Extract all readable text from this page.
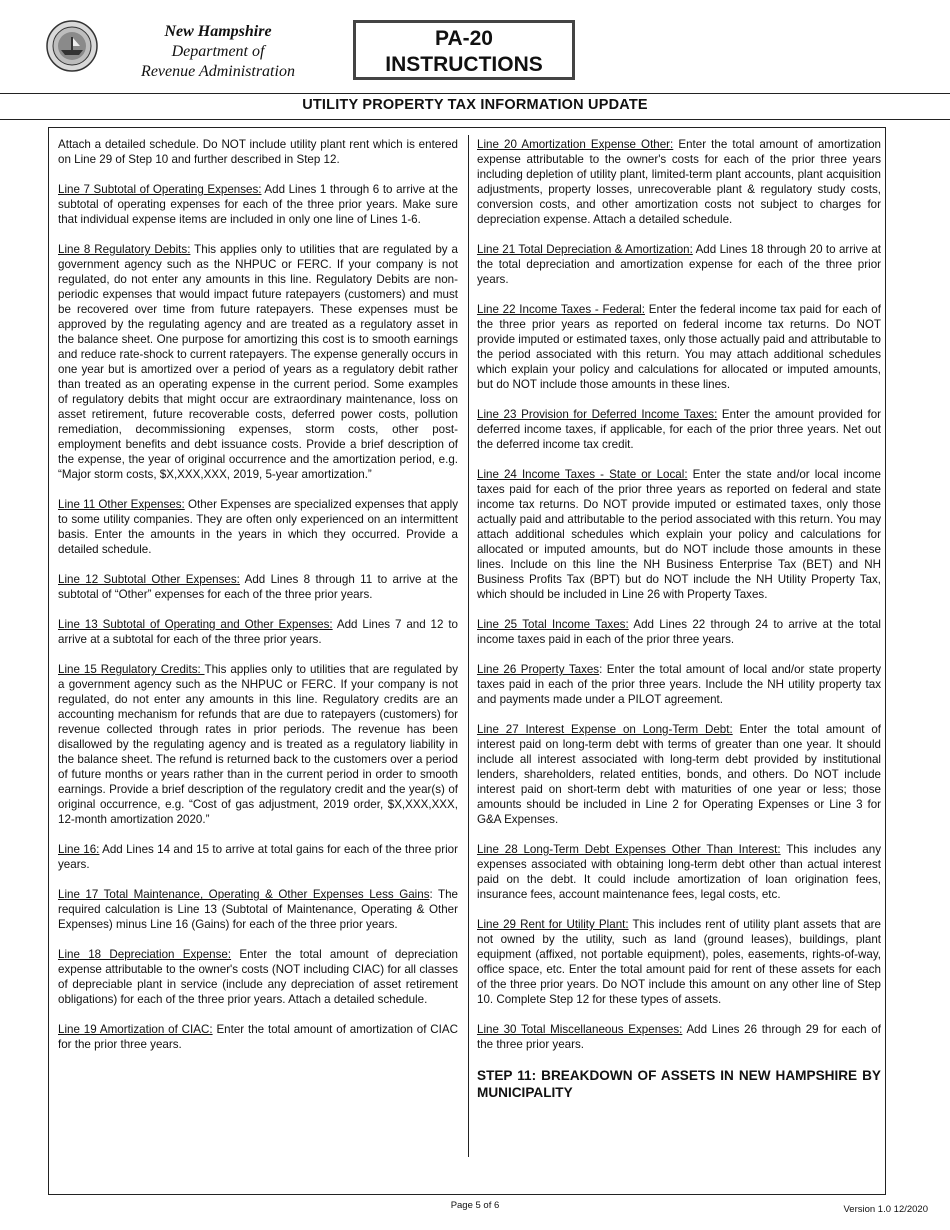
New Hampshire
Department of
Revenue Administration
PA-20
INSTRUCTIONS
UTILITY PROPERTY TAX INFORMATION UPDATE

Attach a detailed schedule. Do NOT include utility plant rent which is entered on Line 29 of Step 10 and further described in Step 12.

Line 7 Subtotal of Operating Expenses: Add Lines 1 through 6 to arrive at the subtotal of operating expenses for each of the three prior years. Make sure that individual expense items are included in only one line of Lines 1-6.

Line 8 Regulatory Debits: This applies only to utilities that are regulated by a government agency such as the NHPUC or FERC. If your company is not regulated, do not enter any amounts in this line. Regulatory Debits are non-periodic expenses that would impact future ratepayers (customers) and must be recovered over time from future ratepayers. These expenses must be approved by the regulating agency and are treated as a regulatory asset in the balance sheet. One purpose for amortizing this cost is to smooth earnings and reduce rate-shock to current ratepayers. The expense generally occurs in one year but is amortized over a period of years as a regulatory debit rather than treated as an operating expense in the current period. Some examples of regulatory debits that might occur are extraordinary maintenance, loss on asset retirement, future recoverable costs, deferred power costs, pollution remediation, decommissioning expenses, storm costs, other post-employment benefits and debt issuance costs. Provide a brief description of the expense, the year of original occurrence and the amortization period, e.g. “Major storm costs, $X,XXX,XXX, 2019, 5-year amortization.”

Line 11 Other Expenses: Other Expenses are specialized expenses that apply to some utility companies. They are often only experienced on an intermittent basis. Enter the amounts in the years in which they occurred. Provide a detailed schedule.

Line 12 Subtotal Other Expenses: Add Lines 8 through 11 to arrive at the subtotal of “Other” expenses for each of the three prior years.

Line 13 Subtotal of Operating and Other Expenses: Add Lines 7 and 12 to arrive at a subtotal for each of the three prior years.

Line 15 Regulatory Credits: This applies only to utilities that are regulated by a government agency such as the NHPUC or FERC. If your company is not regulated, do not enter any amounts in this line. Regulatory credits are an accounting mechanism for refunds that are due to ratepayers (customers) for revenue collected through rates in prior periods. The revenue has been disallowed by the regulating agency and is treated as a regulatory liability in the balance sheet. The refund is returned back to the customers over a period of future months or years rather than in the current period in order to smooth earnings. Provide a brief description of the regulatory credit and the year(s) of original occurrence, e.g. “Cost of gas adjustment, 2019 order, $X,XXX,XXX, 12-month amortization 2020.”

Line 16: Add Lines 14 and 15 to arrive at total gains for each of the three prior years.

Line 17 Total Maintenance, Operating & Other Expenses Less Gains: The required calculation is Line 13 (Subtotal of Maintenance, Operating & Other Expenses) minus Line 16 (Gains) for each of the three prior years.

Line 18 Depreciation Expense: Enter the total amount of depreciation expense attributable to the owner's costs (NOT including CIAC) for all classes of depreciable plant in service (include any depreciation of asset retirement obligations) for each of the three prior years. Attach a detailed schedule.

Line 19 Amortization of CIAC: Enter the total amount of amortization of CIAC for the prior three years.

Line 20 Amortization Expense Other: Enter the total amount of amortization expense attributable to the owner's costs for each of the prior three years including depletion of utility plant, limited-term plant accounts, plant acquisition adjustments, property losses, unrecoverable plant & regulatory study costs, conversion costs, and other amortization costs not subject to charges for depreciation expense. Attach a detailed schedule.

Line 21 Total Depreciation & Amortization: Add Lines 18 through 20 to arrive at the total depreciation and amortization expense for each of the three prior years.

Line 22 Income Taxes - Federal: Enter the federal income tax paid for each of the three prior years as reported on federal income tax returns. Do NOT provide imputed or estimated taxes, only those actually paid and attributable to the period associated with this return. You may attach additional schedules which explain your policy and calculations for allocated or imputed amounts, but do NOT include those amounts in these lines.

Line 23 Provision for Deferred Income Taxes: Enter the amount provided for deferred income taxes, if applicable, for each of the prior three years. Net out the deferred income tax credit.

Line 24 Income Taxes - State or Local: Enter the state and/or local income taxes paid for each of the prior three years as reported on federal and state income tax returns. Do NOT provide imputed or estimated taxes, only those actually paid and attributable to the period associated with this return. You may attach additional schedules which explain your policy and calculations for allocated or imputed amounts, but do NOT include those amounts in these lines. Include on this line the NH Business Enterprise Tax (BET) and NH Business Profits Tax (BPT) but do NOT include the NH Utility Property Tax, which should be included in Line 26 with Property Taxes.

Line 25 Total Income Taxes: Add Lines 22 through 24 to arrive at the total income taxes paid in each of the prior three years.

Line 26 Property Taxes: Enter the total amount of local and/or state property taxes paid in each of the prior three years. Include the NH utility property tax and payments made under a PILOT agreement.

Line 27 Interest Expense on Long-Term Debt: Enter the total amount of interest paid on long-term debt with terms of greater than one year. It should include all interest associated with long-term debt provided by institutional lenders, shareholders, related entities, bonds, and others. Do NOT include interest paid on short-term debt with maturities of one year or less; those amounts should be included in Line 2 for Operating Expenses or Line 3 for G&A Expenses.

Line 28 Long-Term Debt Expenses Other Than Interest: This includes any expenses associated with obtaining long-term debt other than actual interest paid on the debt. It could include amortization of loan origination fees, insurance fees, account maintenance fees, legal costs, etc.

Line 29 Rent for Utility Plant: This includes rent of utility plant assets that are not owned by the utility, such as land (ground leases), buildings, plant equipment (affixed, not portable equipment), poles, easements, rights-of-way, office space, etc. Enter the total amount paid for rent of these assets for each of the three prior years. Do NOT include this amount on any other line of Step 10. Complete Step 12 for these types of assets.

Line 30 Total Miscellaneous Expenses: Add Lines 26 through 29 for each of the three prior years.

STEP 11: BREAKDOWN OF ASSETS IN NEW HAMPSHIRE BY MUNICIPALITY
Page 5 of 6	Version 1.0 12/2020
